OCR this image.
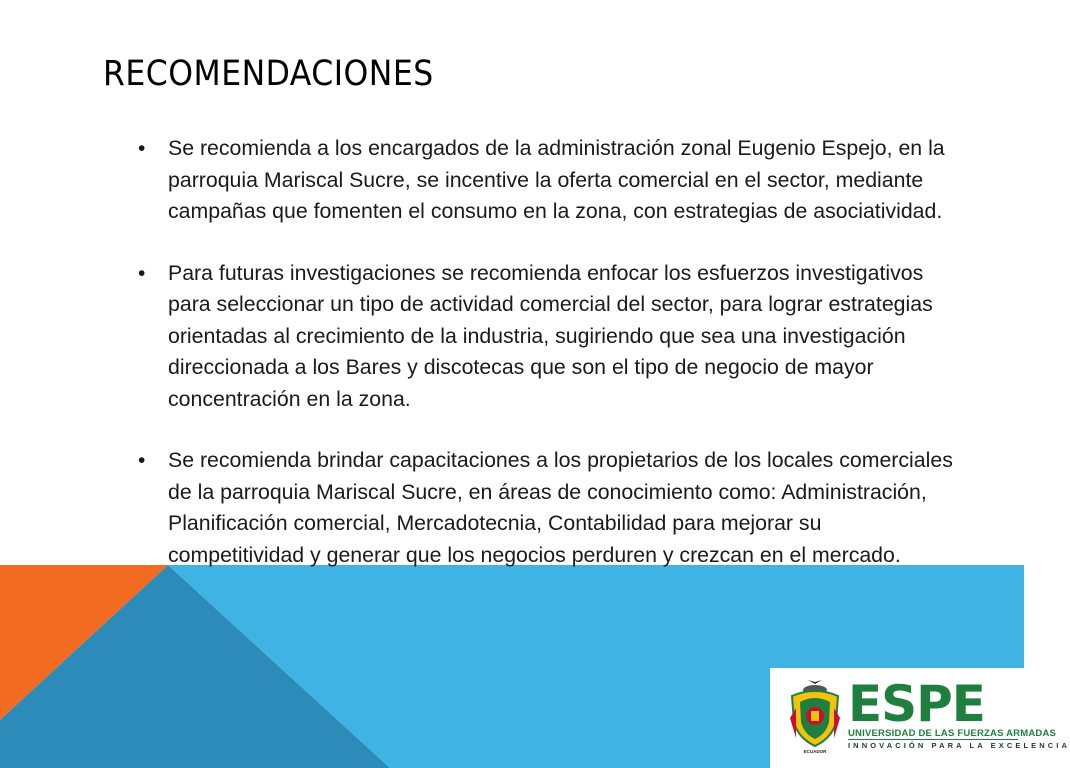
RECOMENDACIONES
• Se recomienda a los encargados de la administración zonal Eugenio Espejo, en la parroquia Mariscal Sucre, se incentive la oferta comercial en el sector, mediante campañas que fomenten el consumo en la zona, con estrategias de asociatividad.
• Para futuras investigaciones se recomienda enfocar los esfuerzos investigativos para seleccionar un tipo de actividad comercial del sector, para lograr estrategias orientadas al crecimiento de la industria, sugiriendo que sea una investigación direccionada a los Bares y discotecas que son el tipo de negocio de mayor concentración en la zona.
• Se recomienda brindar capacitaciones a los propietarios de los locales comerciales de la parroquia Mariscal Sucre, en áreas de conocimiento como: Administración, Planificación comercial, Mercadotecnia, Contabilidad para mejorar su competitividad y generar que los negocios perduren y crezcan en el mercado.
ECUADOR
ESPE
UNIVERSIDAD DE LAS FUERZAS ARMADAS
INNOVACIÓN PARA LA EXCELENCIA
